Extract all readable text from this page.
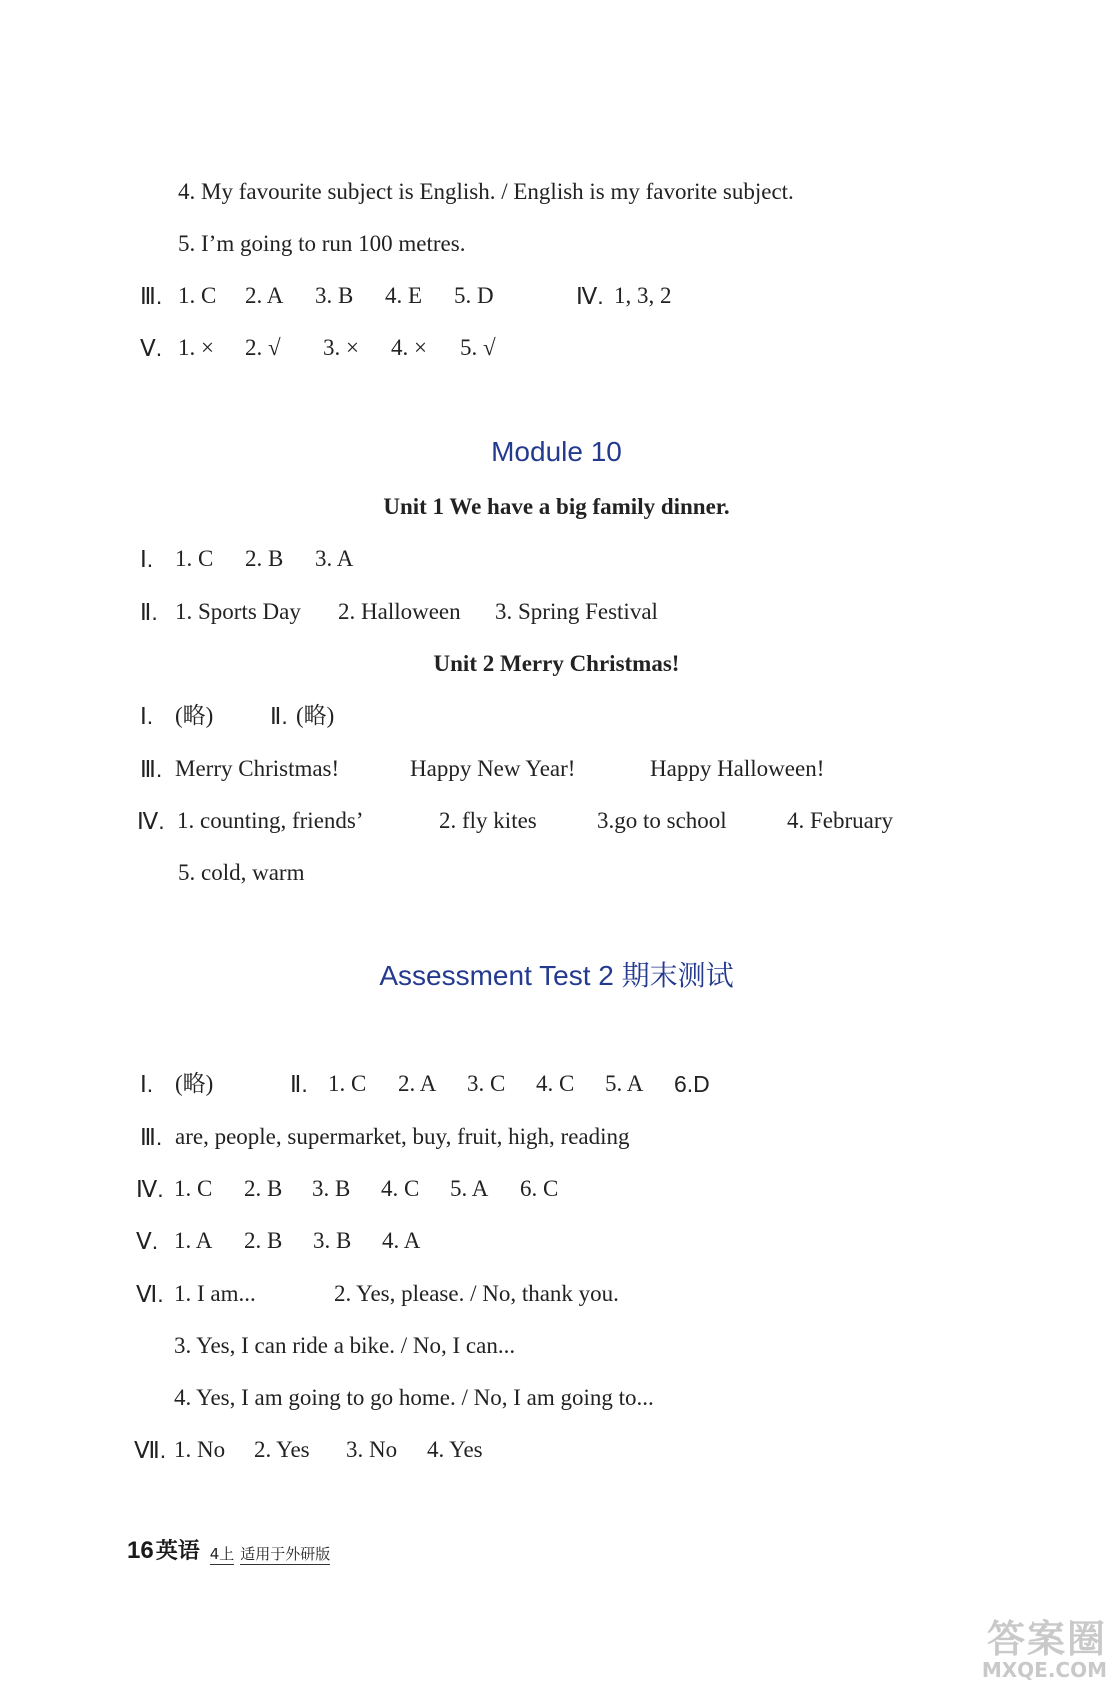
4. My favourite subject is English. / English is my favorite subject.
5. I’m going to run 100 metres.
Ⅲ. 1. C 2. A 3. B 4. E 5. D	Ⅳ. 1, 3, 2
Ⅴ. 1. × 2. √ 3. × 4. × 5. √
Module 10
Unit 1 We have a big family dinner.
Ⅰ. 1. C 2. B 3. A
Ⅱ. 1. Sports Day 2. Halloween 3. Spring Festival
Unit 2 Merry Christmas!
Ⅰ. (略) Ⅱ. (略)
Ⅲ. Merry Christmas!	Happy New Year!	Happy Halloween!
Ⅳ. 1. counting, friends’	2. fly kites	3.go to school	4. February
5. cold, warm
Assessment Test 2 期末测试
Ⅰ. (略)	Ⅱ. 1. C 2. A 3. C 4. C 5. A 6.D
Ⅲ. are, people, supermarket, buy, fruit, high, reading
Ⅳ. 1. C 2. B 3. B 4. C 5. A 6. C
Ⅴ. 1. A 2. B 3. B 4. A
Ⅵ. 1. I am...	2. Yes, please. / No, thank you.
3. Yes, I can ride a bike. / No, I can...
4. Yes, I am going to go home. / No, I am going to...
Ⅶ. 1. No 2. Yes 3. No 4. Yes
16 英语 4上 适用于外研版
答案圈
MXQE.COM
